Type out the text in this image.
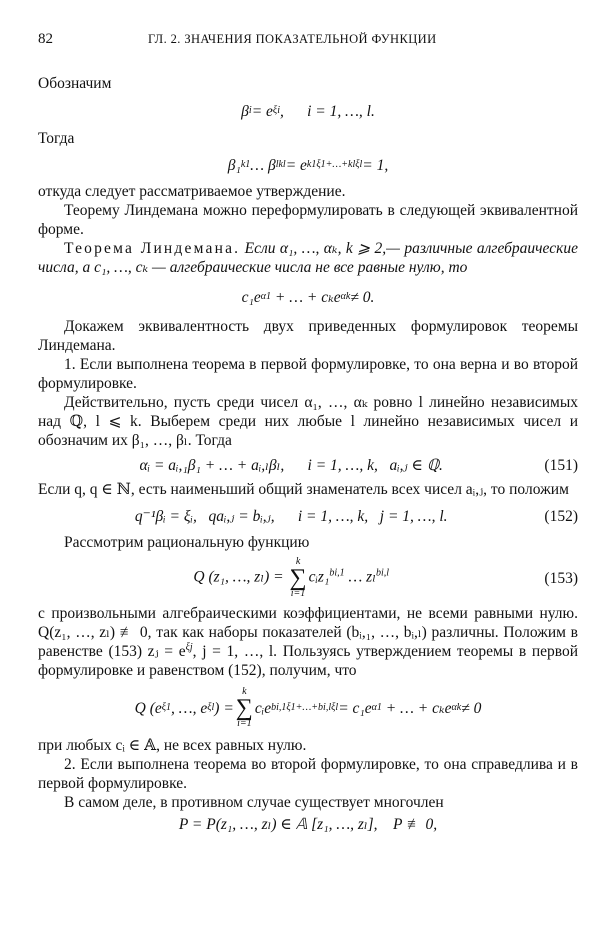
82	ГЛ. 2. ЗНАЧЕНИЯ ПОКАЗАТЕЛЬНОЙ ФУНКЦИИ

Обозначим

β i = e ξi ,      i = 1, …, l.

Тогда

β₁ k1 … β l kl = e k1ξ1+…+klξl = 1,

откуда следует рассматриваемое утверждение.

Теорему Линдемана можно переформулировать в следующей эквивалентной форме.

Теорема Линдемана. Если α₁, …, αₖ, k ⩾ 2,— различные алгебраические числа, а c₁, …, cₖ — алгебраические числа не все равные нулю, то

c₁e α1 + … + cₖe αk ≠ 0.

Докажем эквивалентность двух приведенных формулировок теоремы Линдемана.

1. Если выполнена теорема в первой формулировке, то она верна и во второй формулировке.

Действительно, пусть среди чисел α₁, …, αₖ ровно l линейно независимых над ℚ, l ⩽ k. Выберем среди них любые l линейно независимых чисел и обозначим их β₁, …, βₗ. Тогда

αᵢ = aᵢ,₁β₁ + … + aᵢ,ₗβₗ,      i = 1, …, k,   aᵢ,ⱼ ∈ ℚ.	(151)

Если q, q ∈ ℕ, есть наименьший общий знаменатель всех чисел aᵢ,ⱼ, то положим

q⁻¹βᵢ = ξᵢ,   qaᵢ,ⱼ = bᵢ,ⱼ,      i = 1, …, k,   j = 1, …, l.	(152)

Рассмотрим рациональную функцию

Q (z₁, …, zₗ) =
k
∑
i=1
cᵢz₁$^{bi,1}$ … zₗ$^{bi,l}$	(153)

с произвольными алгебраическими коэффициентами, не всеми равными нулю. Q(z₁, …, zₗ) ≢ 0, так как наборы показателей (bᵢ,₁, …, bᵢ,ₗ) различны. Положим в равенстве (153) zⱼ = $e^{\xi j}$, j = 1, …, l. Пользуясь утверждением теоремы в первой формулировке и равенством (152), получим, что

Q (e ξ1 , …, e ξl ) =
k
∑
i=1
cᵢe bi,1ξ1+…+bi,lξl = c₁e α1 + … + cₖe αk ≠ 0

при любых cᵢ ∈ 𝔸, не всех равных нулю.

2. Если выполнена теорема во второй формулировке, то она справедлива и в первой формулировке.

В самом деле, в противном случае существует многочлен

P = P(z₁, …, zₗ) ∈ 𝔸 [z₁, …, zₗ],    P ≢ 0,
